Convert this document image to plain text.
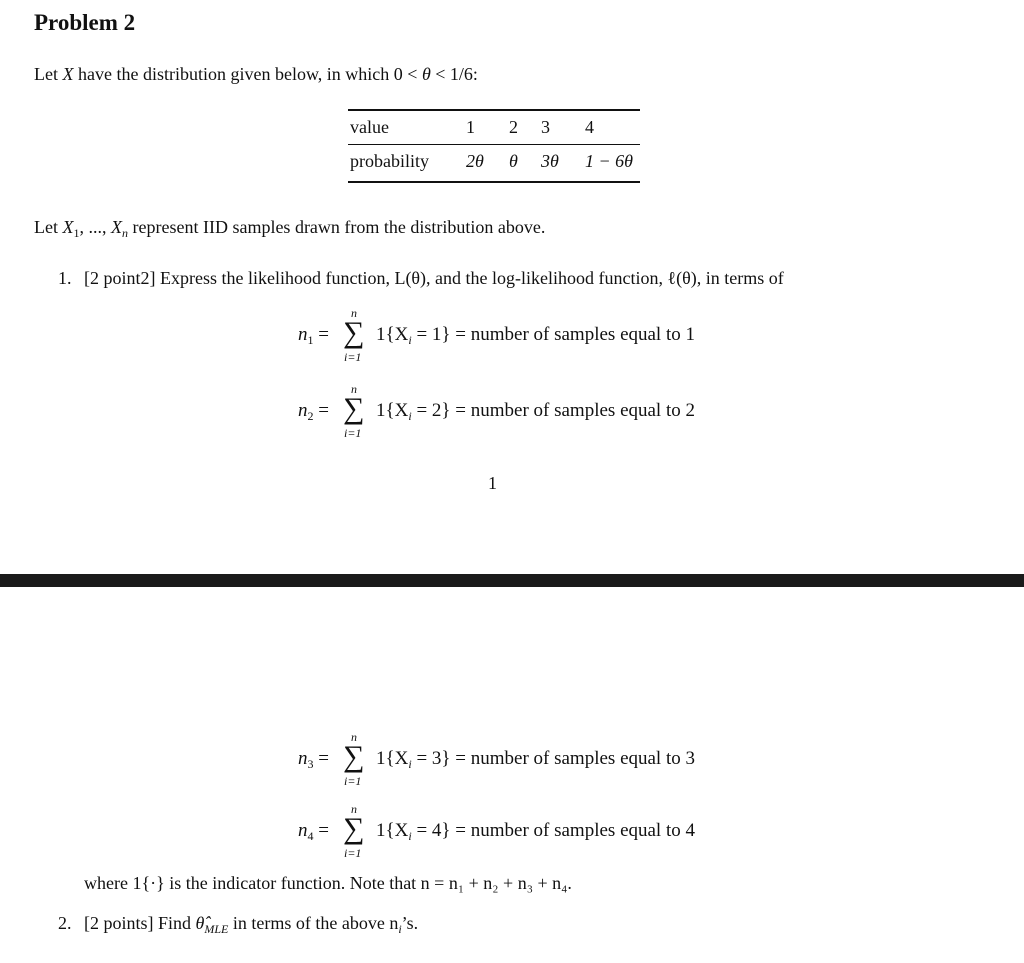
Problem 2
Let X have the distribution given below, in which 0 < θ < 1/6:
value	1 2 3 4
probability 2θ θ 3θ 1 − 6θ
Let $X_1$, ..., $X_n$ represent IID samples drawn from the distribution above.
1. [2 point2] Express the likelihood function, L(θ), and the log-likelihood function, ℓ(θ), in terms of
$n_1$ =
n
∑
i=1
$1\{X_i = 1\}$ = number of samples equal to 1
$n_2$ =
n
∑
i=1
$1\{X_i = 2\}$ = number of samples equal to 2
1
$n_3$ =
n
∑
i=1
$1\{X_i = 3\}$ = number of samples equal to 3
$n_4$ =
n
∑
i=1
$1\{X_i = 4\}$ = number of samples equal to 4
where 1{·} is the indicator function. Note that n = n₁ + n₂ + n₃ + n₄.
2. [2 points] Find $\thetâ_{MLE}$ in terms of the above $n_i’s$.
